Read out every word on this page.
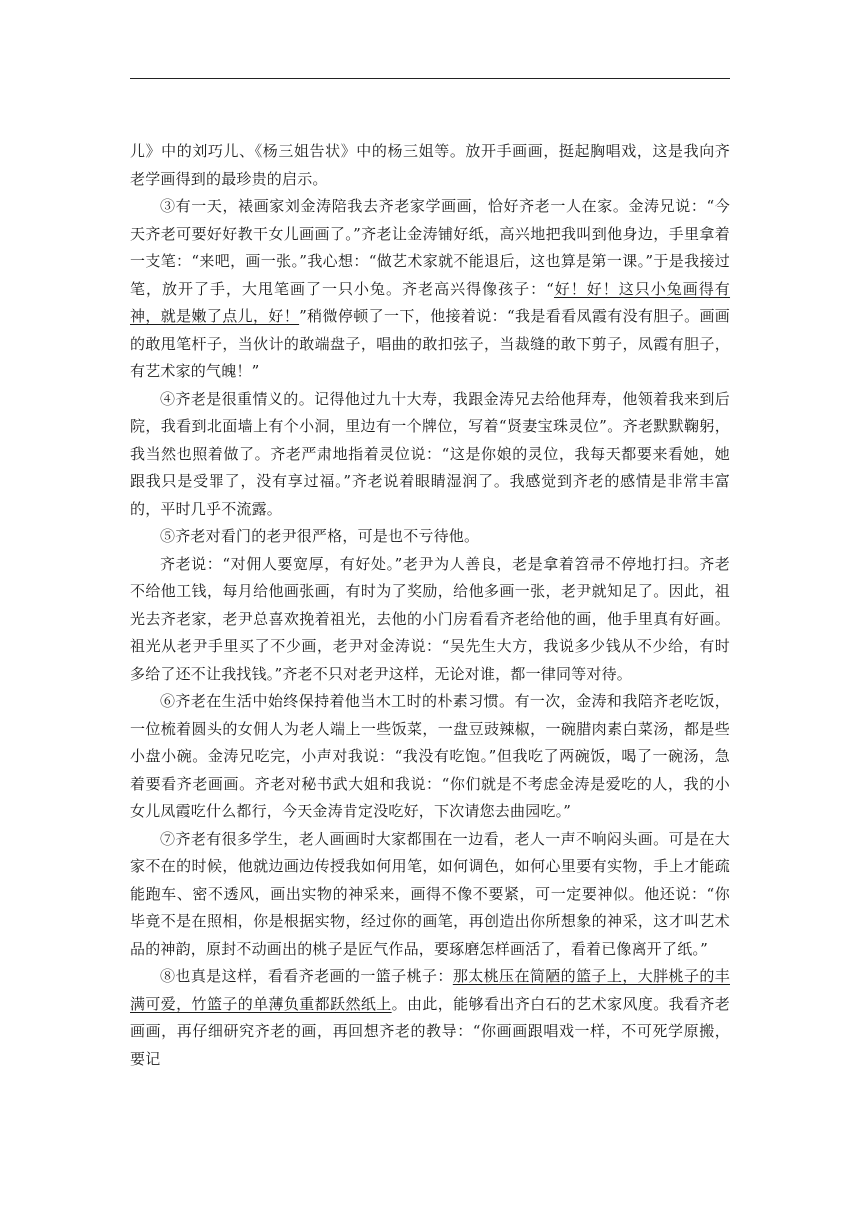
儿》中的刘巧儿、《杨三姐告状》中的杨三姐等。放开手画画，挺起胸唱戏，这是我向齐老学画得到的最珍贵的启示。

③有一天，裱画家刘金涛陪我去齐老家学画画，恰好齐老一人在家。金涛兄说：“今天齐老可要好好教干女儿画画了。”齐老让金涛铺好纸，高兴地把我叫到他身边，手里拿着一支笔：“来吧，画一张。”我心想：“做艺术家就不能退后，这也算是第一课。”于是我接过笔，放开了手，大甩笔画了一只小兔。齐老高兴得像孩子：“好！好！这只小兔画得有神，就是嫩了点儿，好！”稍微停顿了一下，他接着说：“我是看看凤霞有没有胆子。画画的敢甩笔杆子，当伙计的敢端盘子，唱曲的敢扣弦子，当裁缝的敢下剪子，凤霞有胆子，有艺术家的气魄！”

④齐老是很重情义的。记得他过九十大寿，我跟金涛兄去给他拜寿，他领着我来到后院，我看到北面墙上有个小洞，里边有一个牌位，写着“贤妻宝珠灵位”。齐老默默鞠躬，我当然也照着做了。齐老严肃地指着灵位说：“这是你娘的灵位，我每天都要来看她，她跟我只是受罪了，没有享过福。”齐老说着眼睛湿润了。我感觉到齐老的感情是非常丰富的，平时几乎不流露。

⑤齐老对看门的老尹很严格，可是也不亏待他。

齐老说：“对佣人要宽厚，有好处。”老尹为人善良，老是拿着笤帚不停地打扫。齐老不给他工钱，每月给他画张画，有时为了奖励，给他多画一张，老尹就知足了。因此，祖光去齐老家，老尹总喜欢挽着祖光，去他的小门房看看齐老给他的画，他手里真有好画。祖光从老尹手里买了不少画，老尹对金涛说：“吴先生大方，我说多少钱从不少给，有时多给了还不让我找钱。”齐老不只对老尹这样，无论对谁，都一律同等对待。

⑥齐老在生活中始终保持着他当木工时的朴素习惯。有一次，金涛和我陪齐老吃饭，一位梳着圆头的女佣人为老人端上一些饭菜，一盘豆豉辣椒，一碗腊肉素白菜汤，都是些小盘小碗。金涛兄吃完，小声对我说：“我没有吃饱。”但我吃了两碗饭，喝了一碗汤，急着要看齐老画画。齐老对秘书武大姐和我说：“你们就是不考虑金涛是爱吃的人，我的小女儿凤霞吃什么都行，今天金涛肯定没吃好，下次请您去曲园吃。”

⑦齐老有很多学生，老人画画时大家都围在一边看，老人一声不响闷头画。可是在大家不在的时候，他就边画边传授我如何用笔，如何调色，如何心里要有实物，手上才能疏能跑车、密不透风，画出实物的神采来，画得不像不要紧，可一定要神似。他还说：“你毕竟不是在照相，你是根据实物，经过你的画笔，再创造出你所想象的神采，这才叫艺术品的神韵，原封不动画出的桃子是匠气作品，要琢磨怎样画活了，看着已像离开了纸。”

⑧也真是这样，看看齐老画的一篮子桃子：那太桃压在简陋的篮子上，大胖桃子的丰满可爱，竹篮子的单薄负重都跃然纸上。由此，能够看出齐白石的艺术家风度。我看齐老画画，再仔细研究齐老的画，再回想齐老的教导：“你画画跟唱戏一样，不可死学原搬，要记
